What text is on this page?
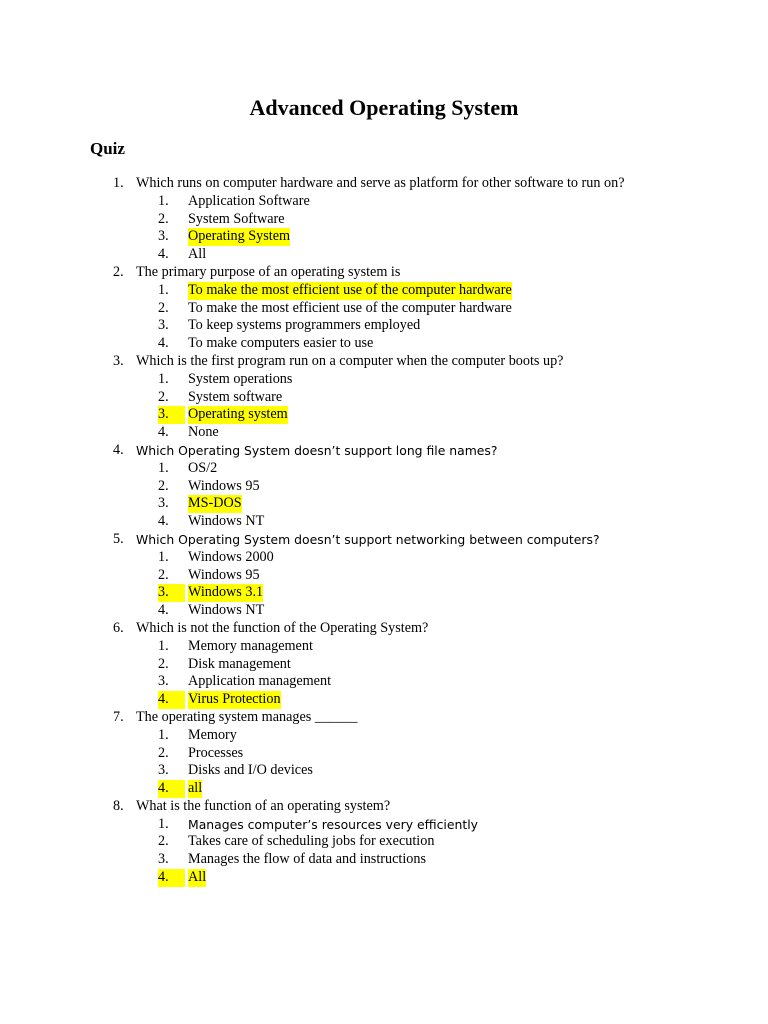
Advanced Operating System
Quiz
1. Which runs on computer hardware and serve as platform for other software to run on?
1. Application Software
2. System Software
3. Operating System
4. All
2. The primary purpose of an operating system is
1. To make the most efficient use of the computer hardware
2. To make the most efficient use of the computer hardware
3. To keep systems programmers employed
4. To make computers easier to use
3. Which is the first program run on a computer when the computer boots up?
1. System operations
2. System software
3.	Operating system
4. None
4. Which Operating System doesn’t support long file names?
1. OS/2
2. Windows 95
3. MS-DOS
4. Windows NT
5. Which Operating System doesn’t support networking between computers?
1. Windows 2000
2. Windows 95
3.	Windows 3.1
4. Windows NT
6. Which is not the function of the Operating System?
1. Memory management
2. Disk management
3. Application management
4.	Virus Protection
7. The operating system manages ______
1. Memory
2. Processes
3. Disks and I/O devices
4.	all
8. What is the function of an operating system?
1. Manages computer’s resources very efficiently
2. Takes care of scheduling jobs for execution
3. Manages the flow of data and instructions
4.	All
